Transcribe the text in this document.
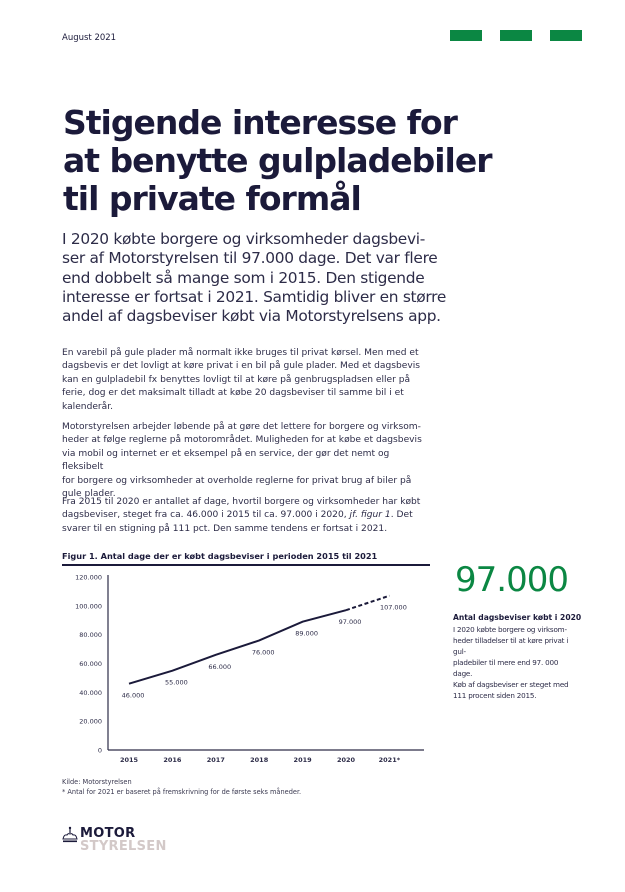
August 2021
Stigende interesse for at benytte gulpladebiler til private formål
I 2020 købte borgere og virksomheder dagsbevi-
ser af Motorstyrelsen til 97.000 dage. Det var flere
end dobbelt så mange som i 2015. Den stigende
interesse er fortsat i 2021. Samtidig bliver en større
andel af dagsbeviser købt via Motorstyrelsens app.
En varebil på gule plader må normalt ikke bruges til privat kørsel. Men med et
dagsbevis er det lovligt at køre privat i en bil på gule plader. Med et dagsbevis
kan en gulpladebil fx benyttes lovligt til at køre på genbrugspladsen eller på
ferie, dog er det maksimalt tilladt at købe 20 dagsbeviser til samme bil i et
kalenderår.
Motorstyrelsen arbejder løbende på at gøre det lettere for borgere og virksom-
heder at følge reglerne på motorområdet. Muligheden for at købe et dagsbevis
via mobil og internet er et eksempel på en service, der gør det nemt og fleksibelt
for borgere og virksomheder at overholde reglerne for privat brug af biler på
gule plader.
Fra 2015 til 2020 er antallet af dage, hvortil borgere og virksomheder har købt
dagsbeviser, steget fra ca. 46.000 i 2015 til ca. 97.000 i 2020, jf. figur 1. Det
svarer til en stigning på 111 pct. Den samme tendens er fortsat i 2021.
Figur 1. Antal dage der er købt dagsbeviser i perioden 2015 til 2021
0
20.000
40.000
60.000
80.000
100.000
120.000
2015	2016	2017	2018	2019	2020	2021*
46.000
55.000
66.000
76.000
89.000
97.000
107.000
97.000
Antal dagsbeviser købt i 2020
I 2020 købte borgere og virksom-
heder tilladelser til at køre privat i gul-
pladebiler til mere end 97. 000 dage.
Køb af dagsbeviser er steget med
111 procent siden 2015.
Kilde: Motorstyrelsen
* Antal for 2021 er baseret på fremskrivning for de første seks måneder.
MOTOR
STYRELSEN
